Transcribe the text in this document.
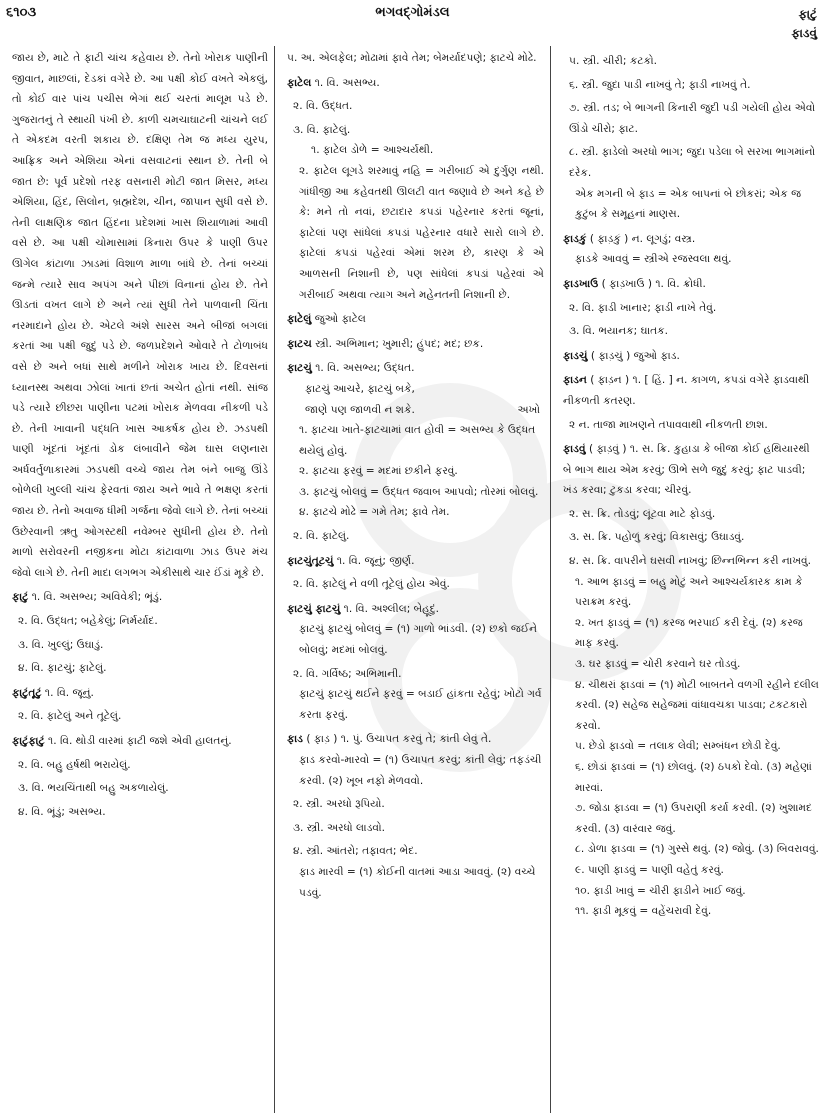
૬૧૦૩	ભગવદ્ગોમંડલ	ફાટું
ફાડવું

જાય છે, માટે તે ફાટી ચાંચ કહેવાય છે. તેનો ખોરાક પાણીની જીવાત, માછલાં, દેડકાં વગેરે છે. આ પક્ષી કોઈ વખતે એકલું, તો કોઈ વાર પાંચ પચીસ ભેગાં થઈ ચરતાં માલૂમ પડે છે. ગુજરાતનું તે સ્થાયી પંખી છે. કાળી ચમચાઘાટની ચાંચને લઈ તે એકદમ વરતી શકાય છે. દક્ષિણ તેમ જ મધ્ય યુરપ, આફ્રિક અને એશિયા એનાં વસવાટનાં સ્થાન છે. તેની બે જાત છે: પૂર્વ પ્રદેશો તરફ વસનારી મોટી જાત મિસર, મધ્ય એશિયા, હિંદ, સિલોન, બ્રહ્મદેશ, ચીન, જાપાન સુધી વસે છે. તેની લાક્ષણિક જાત હિંદના પ્રદેશમાં ખાસ શિયાળામાં આવી વસે છે. આ પક્ષી ચોમાસામાં કિનારા ઉપર કે પાણી ઉપર ઊગેલ કાંટાળા ઝાડમાં વિશાળ માળા બાંધે છે. તેનાં બચ્ચાં જન્મે ત્યારે સાવ અપંગ અને પીછાં વિનાનાં હોય છે. તેને ઊડતાં વખત લાગે છે અને ત્યાં સુધી તેને પાળવાની ચિંતા નરમાદાને હોય છે. એટલે અંશે સારસ અને બીજાં બગલાં કરતાં આ પક્ષી જુદું પડે છે. જળપ્રદેશને ઓવારે તે ટોળાબંધ વસે છે અને બધાં સાથે મળીને ખોરાક ખાય છે. દિવસનાં ધ્યાનસ્થ અથવા ઝોલાં ખાતાં છતાં અચેત હોતાં નથી. સાંજ પડે ત્યારે છીછરા પાણીના પટમાં ખોરાક મેળવવા નીકળી પડે છે. તેની ખાવાની પદ્ધતિ ખાસ આકર્ષક હોય છે. ઝડપથી પાણી ખૂંદતાં ખૂંદતાં ડોક લંબાવીને જેમ ઘાસ લણનારા અર્ધવર્તુળાકારમાં ઝડપથી વચ્ચે જાય તેમ બંને બાજુ ઊંડે બોળેલી ખુલ્લી ચાંચ ફેરવતાં જાય અને ભાવે તે ભક્ષણ કરતાં જાય છે. તેનો અવાજ ધીમી ગર્જના જેવો લાગે છે. તેનાં બચ્ચાં ઉછેરવાની ઋતુ ઓગસ્ટથી નવેમ્બર સુધીની હોય છે. તેનો માળો સરોવરની નજીકના મોટા કાંટાવાળા ઝાડ ઉપર મંચ જેવો લાગે છે. તેની માદા લગભગ એકીસાથે ચાર ઈંડાં મૂકે છે.

ફાટું ૧. વિ. અસભ્ય; અવિવેકી; ભૂંડું.
૨. વિ. ઉદ્ધત; બહેકેલું; નિર્મર્યાદ.
૩. વિ. ખુલ્લું; ઉઘાડું.
૪. વિ. ફાટચું; ફાટેલું.
ફાટુંતૂટું ૧. વિ. જૂનું.
૨. વિ. ફાટેલું અને તૂટેલું.
ફાટુંફાટું ૧. વિ. થોડી વારમાં ફાટી જશે એવી હાલતનું.
૨. વિ. બહુ હર્ષથી ભરાયેલું.
૩. વિ. ભયચિંતાથી બહુ અકળાયેલું.
૪. વિ. ભૂંડું; અસભ્ય.
૫. અ. એલફેલ; મોઢામાં ફાવે તેમ; બેમર્યાદપણે; ફાટચે મોઢે.
ફાટેલ ૧. વિ. અસભ્ય.
૨. વિ. ઉદ્ધત.
૩. વિ. ફાટેલું.
૧. ફાટેલ ડોળે = આશ્ચર્યથી.
૨. ફાટેલ લૂગડે શરમાવું નહિ = ગરીબાઈ એ દુર્ગુણ નથી. ગાંધીજી આ કહેવતથી ઊલટી વાત જણાવે છે અને કહે છે કે: મને તો નવાં, છટાદાર કપડાં પહેરનાર કરતાં જૂનાં, ફાટેલાં પણ સાંધેલાં કપડાં પહેરનાર વધારે સારો લાગે છે. ફાટેલાં કપડાં પહેરવાં એમાં શરમ છે, કારણ કે એ આળસની નિશાની છે, પણ સાંધેલાં કપડાં પહેરવાં એ ગરીબાઈ અથવા ત્યાગ અને મહેનતની નિશાની છે.
ફાટેલું જુઓ ફાટેલ
ફાટચ સ્ત્રી. અભિમાન; ખુમારી; હુંપદ; મદ; છક.
ફાટચું ૧. વિ. અસભ્ય; ઉદ્ધત.
ફાટચું આચરે, ફાટચું બકે,
જાણે પણ જાળવી ન શકે.	અખો
૧. ફાટચા ખાતે-ફાટચામાં વાત હોવી = અસભ્ય કે ઉદ્ધત થયેલું હોવું.
૨. ફાટચા ફરવું = મદમાં છકીને ફરવું.
૩. ફાટચું બોલવું = ઉદ્ધત જવાબ આપવો; તોરમાં બોલવું.
૪. ફાટચે મોઢે = ગમે તેમ; ફાવે તેમ.
૨. વિ. ફાટેલું.
ફાટચુંતૂટચું ૧. વિ. જૂનું; જીર્ણ.
૨. વિ. ફાટેલું ને વળી તૂટેલું હોય એવું.
ફાટચું ફાટચું ૧. વિ. અશ્લીલ; બેહૂદું.
ફાટચું ફાટચું બોલવું = (૧) ગાળો ભાંડવી. (૨) છકો જઈને બોલવું; મદમાં બોલવું.
૨. વિ. ગર્વિષ્ઠ; અભિમાની.
ફાટચું ફાટચું થઈને ફરવું = બડાઈ હાંકતા રહેવું; ખોટો ગર્વ કરતા ફરવું.
ફાડ ( ફાડ઼ ) ૧. પું. ઉચાપત કરવું તે; કાંતી લેવું તે.
ફાડ કરવો-મારવો = (૧) ઉચાપત કરવું; કાંતી લેવું; તફડંચી કરવી. (૨) ખૂબ નફો મેળવવો.
૨. સ્ત્રી. અરધો રૂપિયો.
૩. સ્ત્રી. અરધો લાડવો.
૪. સ્ત્રી. આંતરો; તફાવત; ભેદ.
ફાડ મારવી = (૧) કોઈની વાતમાં આડા આવવું. (૨) વચ્ચે પડવું.
૫. સ્ત્રી. ચીરી; કટકો.
૬. સ્ત્રી. જુદા પાડી નાખવું તે; ફાડી નાખવું તે.
૭. સ્ત્રી. તડ; બે ભાગની કિનારી જુદી પડી ગયેલી હોય એવો ઊંડો ચીરો; ફાટ.
૮. સ્ત્રી. ફાડેલો અરધો ભાગ; જુદા પડેલા બે સરખા ભાગમાંનો દરેક.
એક મગની બે ફાડ = એક બાપનાં બે છોકરાં; એક જ કુટુંબ કે સમૂહનાં માણસ.
ફાડકું ( ફાડ઼કું ) ન. લૂગડું; વસ્ત્ર.
ફાડકે આવવું = સ્ત્રીએ રજસ્વલા થવું.
ફાડખાઉ ( ફાડ઼ખાઉ ) ૧. વિ. ક્રોધી.
૨. વિ. ફાડી ખાનાર; ફાડી નાખે તેવું.
૩. વિ. ભયાનક; ઘાતક.
ફાડચું ( ફાડ઼ચું ) જુઓ ફાડ.
ફાડન ( ફાડ઼ન ) ૧. [ હિં. ] ન. કાગળ, કપડાં વગેરે ફાડવાથી નીકળતી કતરણ.
૨ ન. તાજા માખણને તપાવવાથી નીકળતી છાશ.
ફાડવું ( ફાડ઼વું ) ૧. સ. ક્રિ. કુહાડા કે બીજા કોઈ હથિયારથી બે ભાગ થાય એમ કરવું; ઊભે સળે જુદું કરવું; ફાટ પાડવી; ખંડ કરવા; ટુકડા કરવા; ચીરવું.
૨. સ. ક્રિ. તોડવું; લૂંટવા માટે ફોડવું.
૩. સ. ક્રિ. પહોળું કરવું; વિકાસવું; ઉઘાડવું.
૪. સ. ક્રિ. વાપરીને ઘસવી નાખવું; છિન્નભિન્ન કરી નાખવું.
૧. આભ ફાડવું = બહુ મોટું અને આશ્ચર્યકારક કામ કે પરાક્રમ કરવું.
૨. ખત ફાડવું = (૧) કરજ ભરપાઈ કરી દેવું. (૨) કરજ માફ કરવું.
૩. ઘર ફાડવું = ચોરી કરવાને ઘર તોડવું.
૪. ચીથરાં ફાડવાં = (૧) મોટી બાબતને વળગી રહીને દલીલ કરવી. (૨) સહેજ સહેજમાં વાંધાવચકા પાડવા; ટકટકારો કરવો.
૫. છેડો ફાડવો = તલાક લેવી; સમ્બંધન છોડી દેવું.
૬. છોડાં ફાડવાં = (૧) છોલવું. (૨) ઠપકો દેવો. (૩) મહેણાં મારવાં.
૭. જોડા ફાડવા = (૧) ઉપરાણી કર્યા કરવી. (૨) ખુશામદ કરવી. (૩) વારંવાર જવું.
૮. ડોળા ફાડવા = (૧) ગુસ્સે થવું. (૨) જોવું. (૩) બિવરાવવું.
૯. પાણી ફાડવું = પાણી વહેતું કરવું.
૧૦. ફાડી ખાવું = ચીરી ફાડીને ખાઈ જવું.
૧૧. ફાડી મૂકવું = વહેંચરાવી દેવું.
